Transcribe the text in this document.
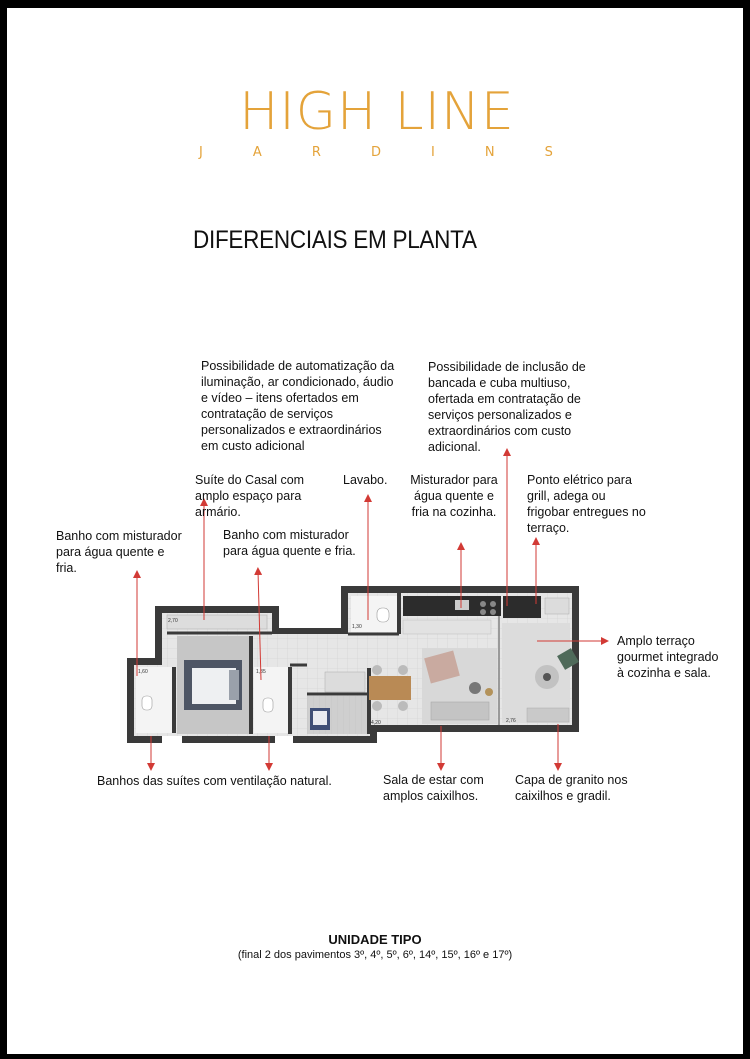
HIGH LINE
J	A	R	D	I	N	S
DIFERENCIAIS EM PLANTA
2,70
1,60
1,30
1,35
4,20	2,76
Possibilidade de automatização da iluminação, ar condicionado, áudio e vídeo – itens ofertados em contratação de serviços personalizados e extraordinários em custo adicional
Possibilidade de inclusão de bancada e cuba multiuso, ofertada em contratação de serviços personalizados e extraordinários com custo adicional.
Suíte do Casal com amplo espaço para armário.
Lavabo.	Misturador para água quente e fria na cozinha.
Ponto elétrico para grill, adega ou frigobar entregues no terraço.
Banho com misturador para água quente e fria.
Banho com misturador para água quente e fria.
Amplo terraço gourmet integrado à cozinha e sala.
Banhos das suítes com ventilação natural.	Sala de estar com amplos caixilhos.
Capa de granito nos caixilhos e gradil.
UNIDADE TIPO
(final 2 dos pavimentos 3º, 4º, 5º, 6º, 14º, 15º, 16º e 17º)
